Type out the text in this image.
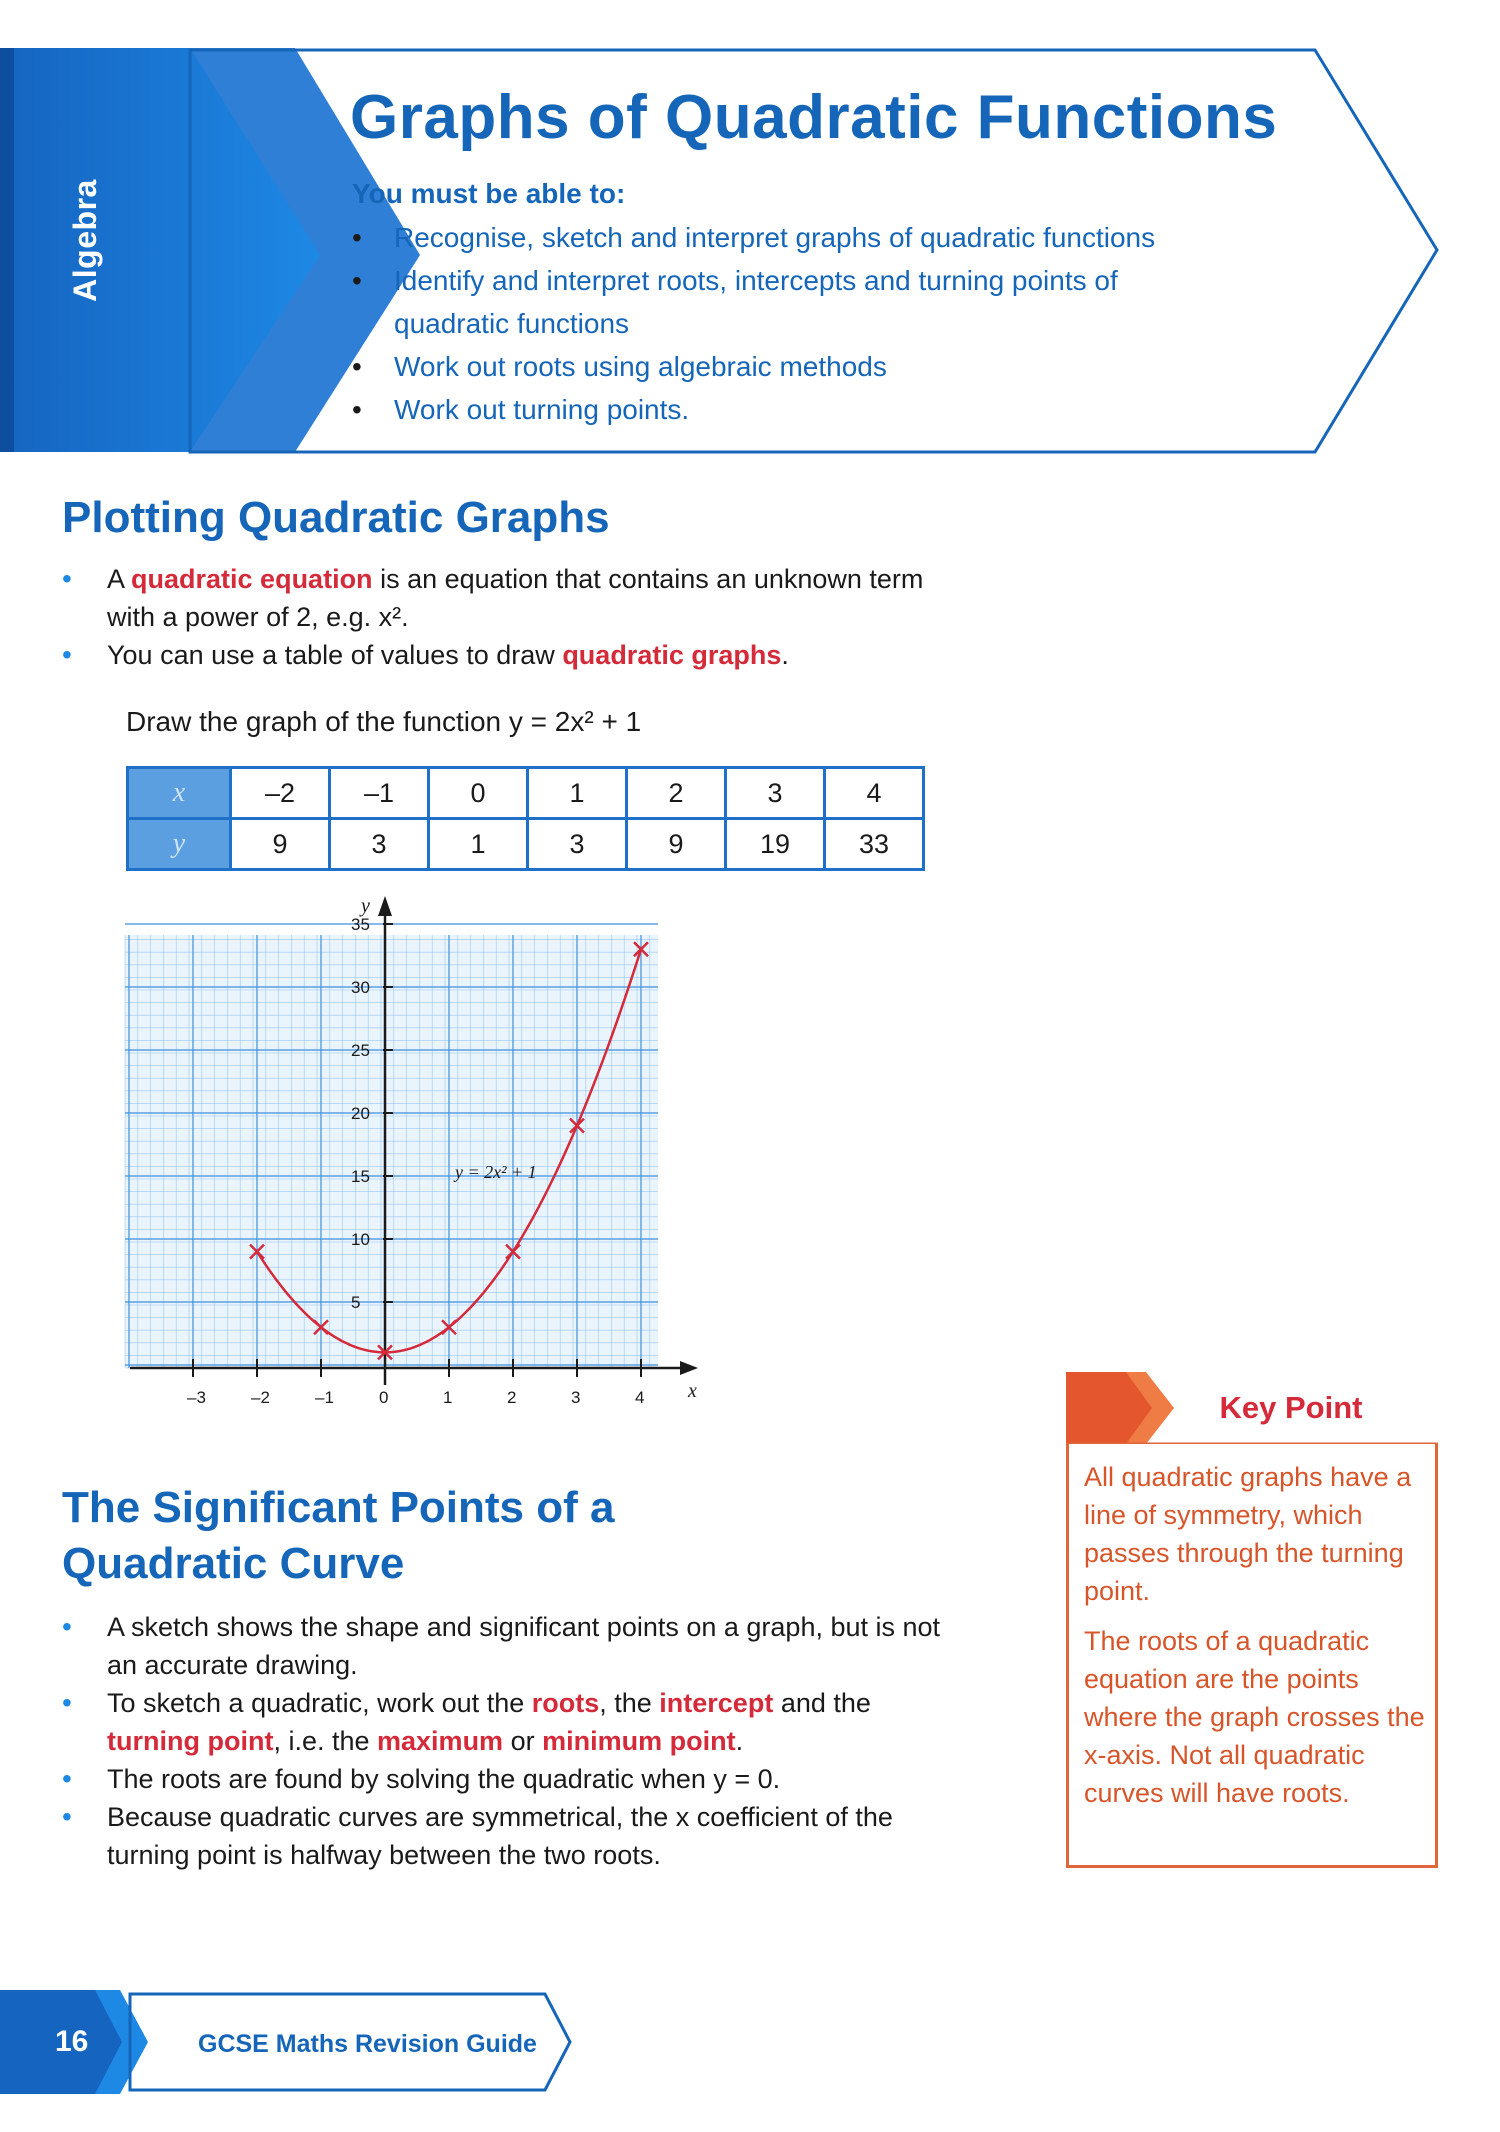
Algebra
Graphs of Quadratic Functions
You must be able to:
• Recognise, sketch and interpret graphs of quadratic functions
• Identify and interpret roots, intercepts and turning points of quadratic functions
• Work out roots using algebraic methods
• Work out turning points.
Plotting Quadratic Graphs
• A quadratic equation is an equation that contains an unknown term with a power of 2, e.g. x².
• You can use a table of values to draw quadratic graphs.
Draw the graph of the function y = 2x² + 1
x	–2	–1	0	1	2	3	4
y	9	3	1	3	9	19	33
–3	–2	–1	0	1	2	3	4
5
10
15
20
25
30
35
x
y
y = 2x² + 1
The Significant Points of a
Quadratic Curve
• A sketch shows the shape and significant points on a graph, but is not an accurate drawing.
• To sketch a quadratic, work out the roots, the intercept and the turning point, i.e. the maximum or minimum point.
• The roots are found by solving the quadratic when y = 0.
• Because quadratic curves are symmetrical, the x coefficient of the turning point is halfway between the two roots.
Key Point
All quadratic graphs have a line of symmetry, which passes through the turning point.
The roots of a quadratic equation are the points where the graph crosses the x-axis. Not all quadratic curves will have roots.
16	GCSE Maths Revision Guide
